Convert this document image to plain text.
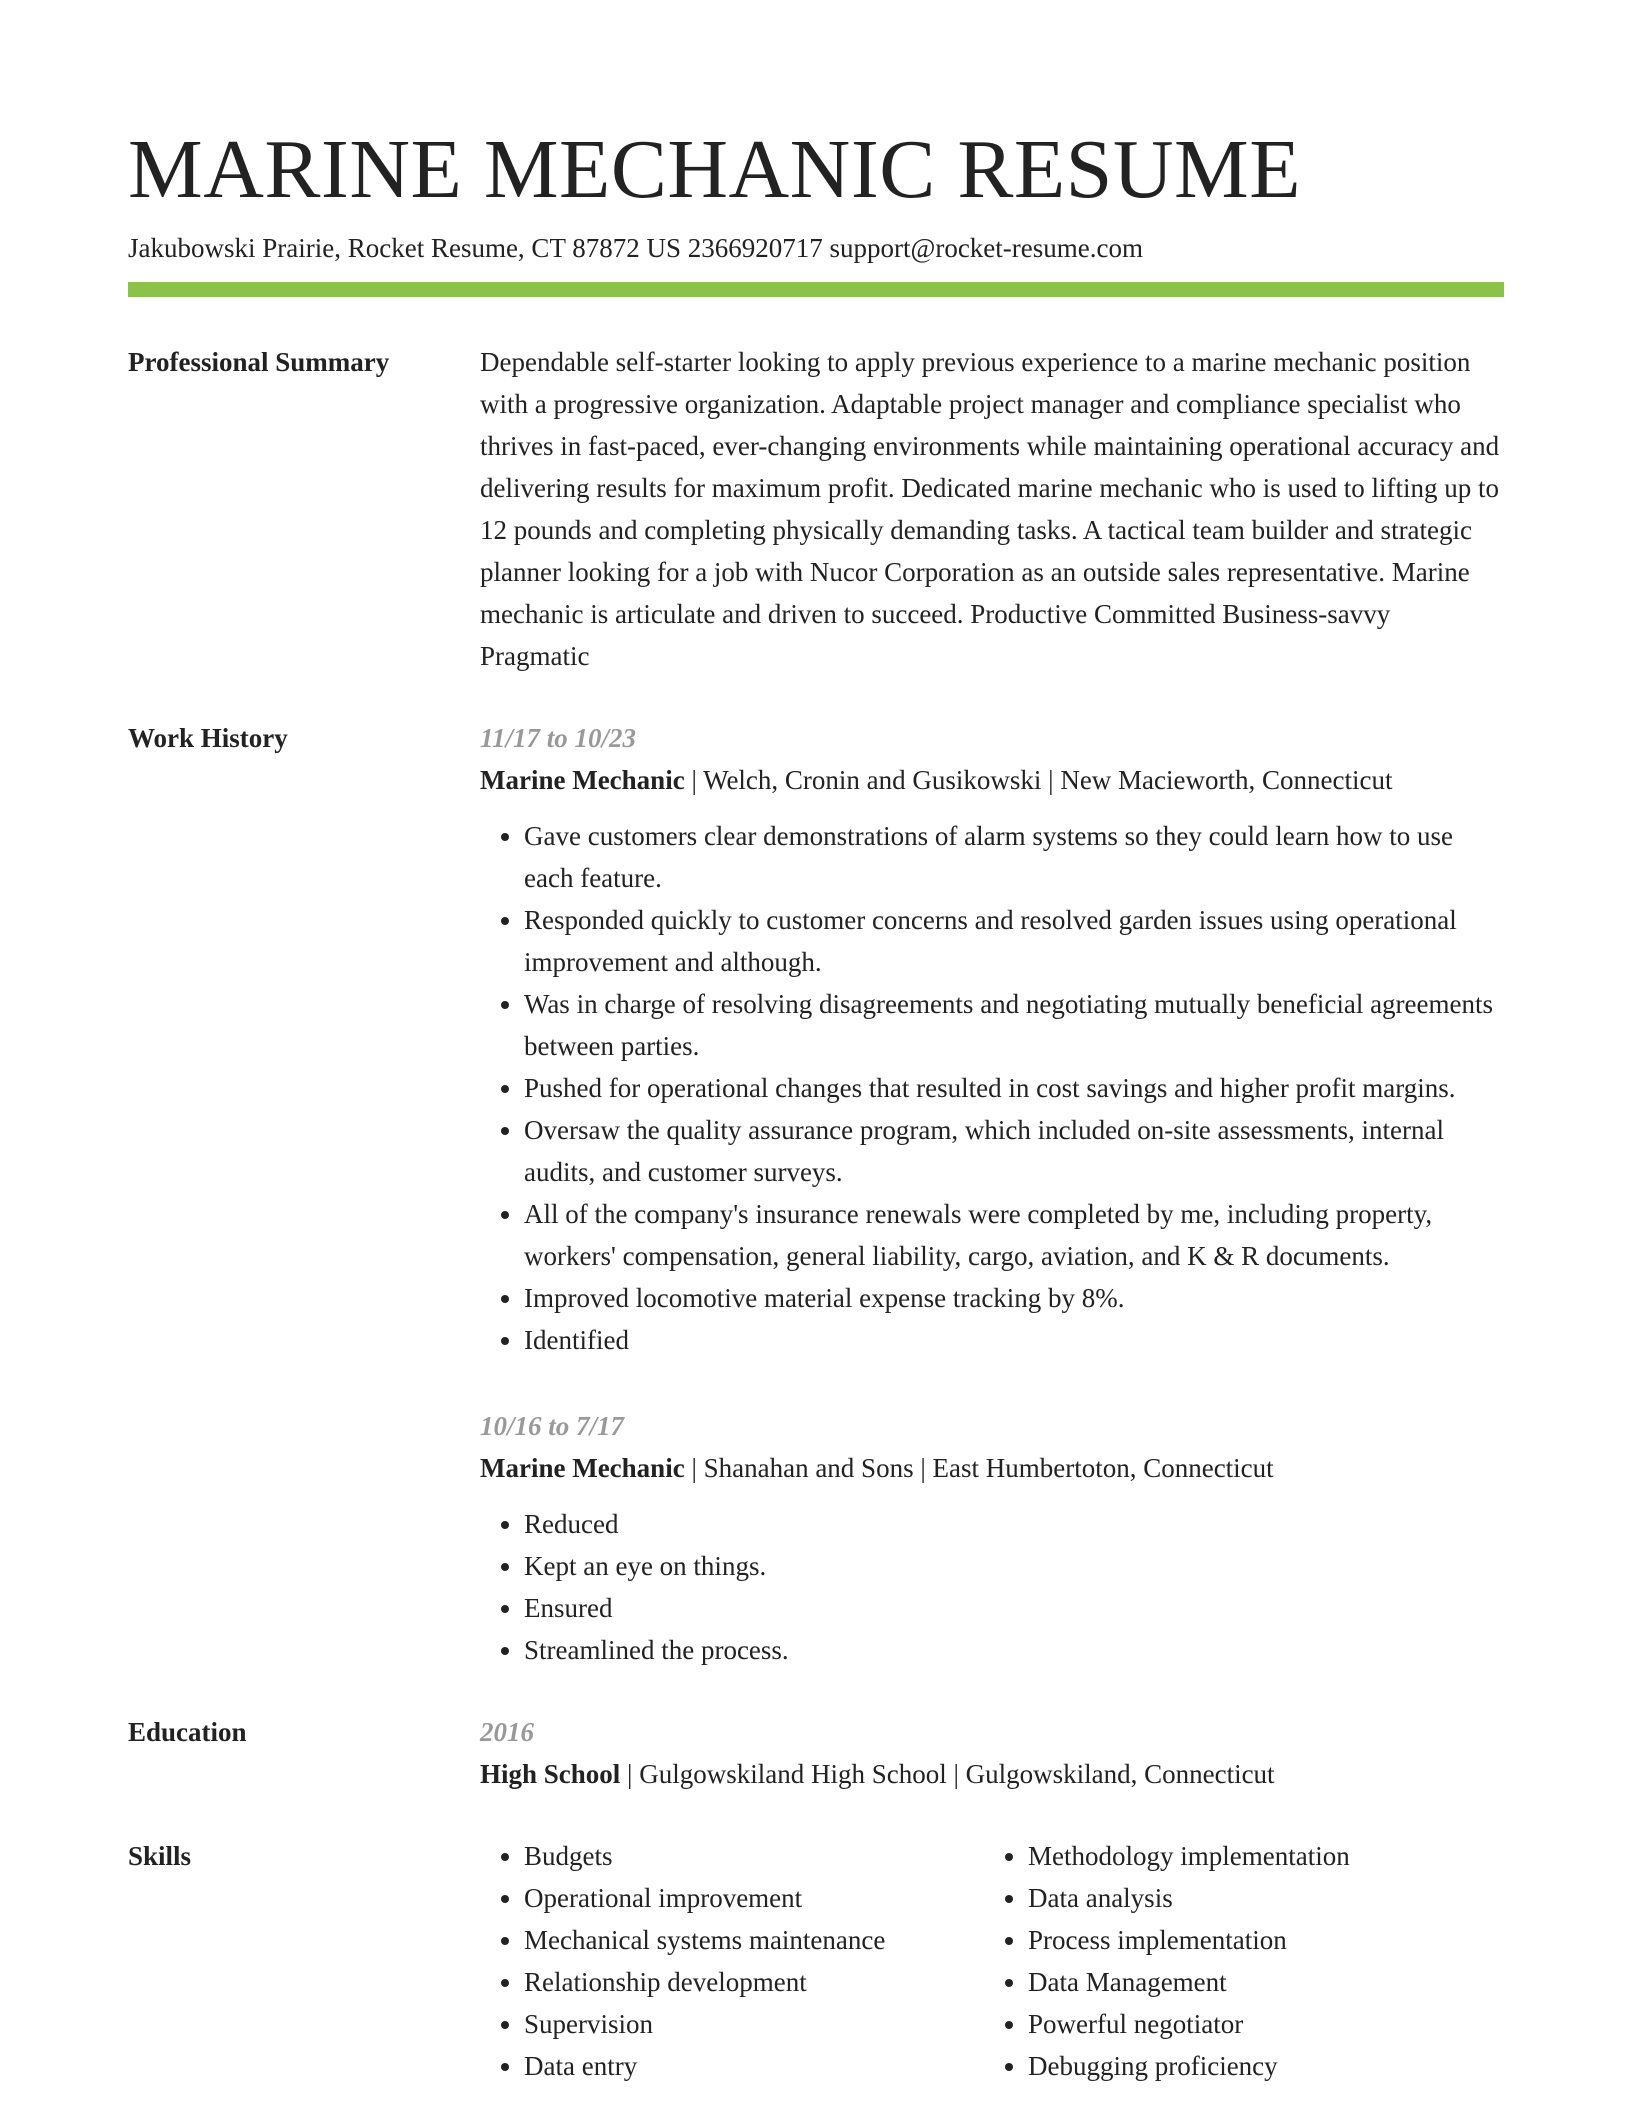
MARINE MECHANIC RESUME
Jakubowski Prairie, Rocket Resume, CT 87872 US 2366920717 support@rocket-resume.com
Professional Summary	Dependable self-starter looking to apply previous experience to a marine mechanic position with a progressive organization. Adaptable project manager and compliance specialist who thrives in fast-paced, ever-changing environments while maintaining operational accuracy and delivering results for maximum profit. Dedicated marine mechanic who is used to lifting up to 12 pounds and completing physically demanding tasks. A tactical team builder and strategic planner looking for a job with Nucor Corporation as an outside sales representative. Marine mechanic is articulate and driven to succeed. Productive Committed Business-savvy Pragmatic

Work History	11/17 to 10/23
Marine Mechanic | Welch, Cronin and Gusikowski | New Macieworth, Connecticut
• Gave customers clear demonstrations of alarm systems so they could learn how to use each feature.
• Responded quickly to customer concerns and resolved garden issues using operational improvement and although.
• Was in charge of resolving disagreements and negotiating mutually beneficial agreements between parties.
• Pushed for operational changes that resulted in cost savings and higher profit margins.
• Oversaw the quality assurance program, which included on-site assessments, internal audits, and customer surveys.
• All of the company's insurance renewals were completed by me, including property, workers' compensation, general liability, cargo, aviation, and K & R documents.
• Improved locomotive material expense tracking by 8%.
• Identified
10/16 to 7/17
Marine Mechanic | Shanahan and Sons | East Humbertoton, Connecticut
• Reduced
• Kept an eye on things.
• Ensured
• Streamlined the process.
Education	2016
High School | Gulgowskiland High School | Gulgowskiland, Connecticut
Skills
•	Budgets
• Operational improvement
• Mechanical systems maintenance
• Relationship development
• Supervision
• Data entry
• Methodology implementation
• Data analysis
• Process implementation
• Data Management
• Powerful negotiator
• Debugging proficiency
